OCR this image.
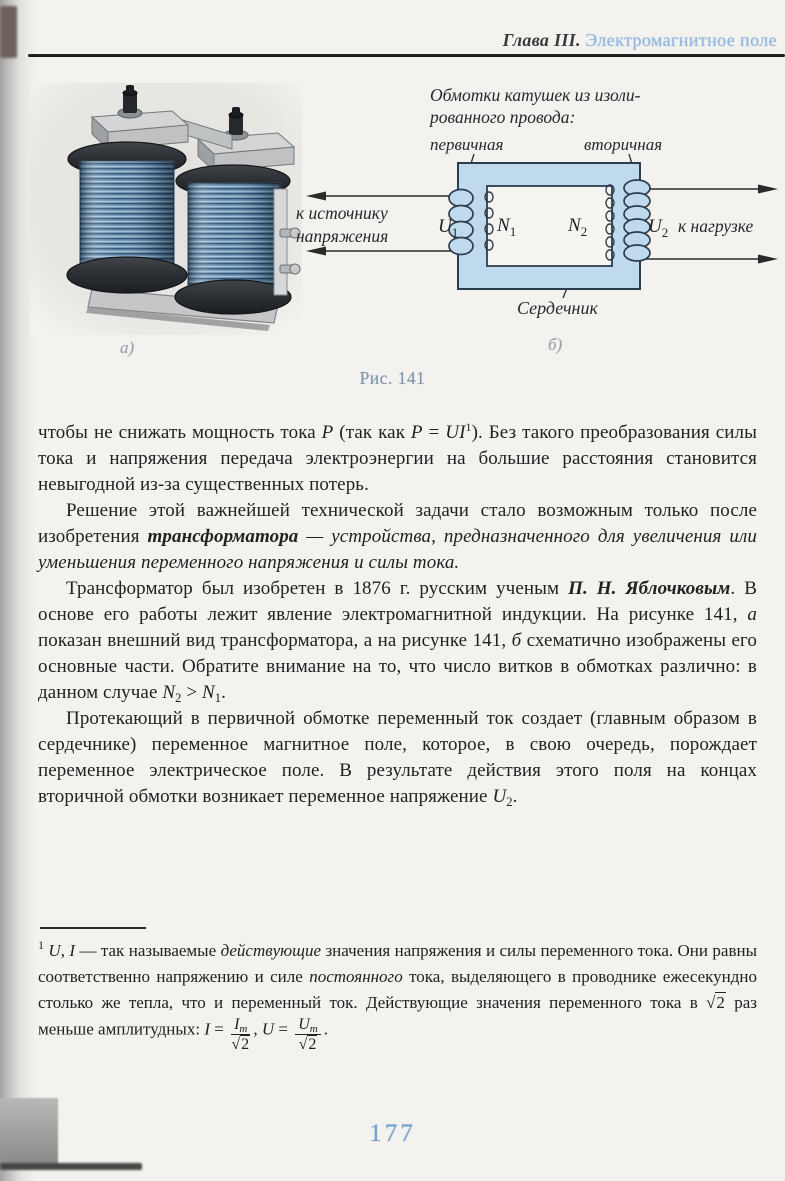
Глава III. Электромагнитное поле
Обмотки катушек из изоли-
рованного провода:
первичная	вторичная
$U_1$ $N_1$	$N_2$	$U_2$
к источнику
напряжения	к нагрузке
Сердечник
а)	б)
Рис. 141

чтобы не снижать мощность тока P (так как $P = UI^1$). Без такого преобразования силы тока и напряжения передача электроэнергии на большие расстояния становится невыгодной из-за существенных потерь.

Решение этой важнейшей технической задачи стало возможным только после изобретения трансформатора — устройства, предназначенного для увеличения или уменьшения переменного напряжения и силы тока.

Трансформатор был изобретен в 1876 г. русским ученым П. Н. Яблочковым. В основе его работы лежит явление электромагнитной индукции. На рисунке 141, а показан внешний вид трансформатора, а на рисунке 141, б схематично изображены его основные части. Обратите внимание на то, что число витков в обмотках различно: в данном случае $N_2 > N_1$.

Протекающий в первичной обмотке переменный ток создает (главным образом в сердечнике) переменное магнитное поле, которое, в свою очередь, порождает переменное электрическое поле. В результате действия этого поля на концах вторичной обмотки возникает переменное напряжение $U_2$.

$^1$ U, I — так называемые действующие значения напряжения и силы переменного тока. Они равны соответственно напряжению и силе постоянного тока, выделяющего в проводнике ежесекундно столько же тепла, что и переменный ток. Действующие значения переменного тока в √2 раз меньше амплитудных: $I = \frac{Im}{√2}$ , $U = \frac{Um}{√2}$ .
177
